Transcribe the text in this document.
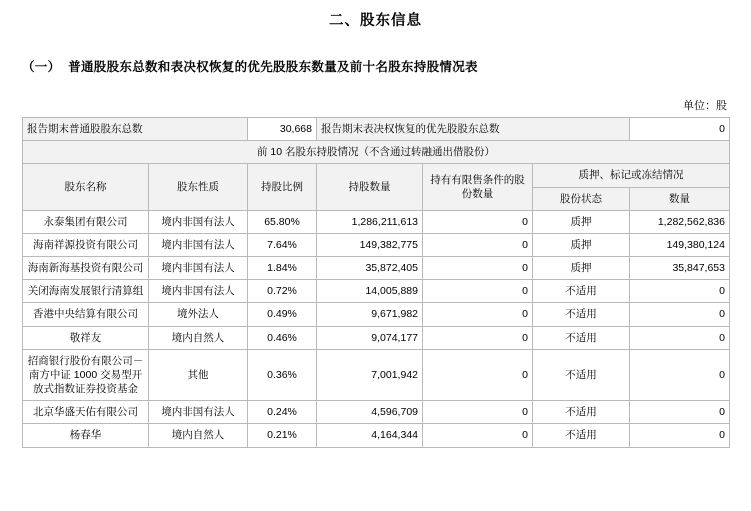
二、股东信息
（一） 普通股股东总数和表决权恢复的优先股股东数量及前十名股东持股情况表
单位：股
报告期末普通股股东总数		30,668	报告期末表决权恢复的优先股股东总数			0
前 10 名股东持股情况（不含通过转融通出借股份）						
股东名称	股东性质	持股比例	持股数量	持有有限售条件的股份数量	质押、标记或冻结情况	
					股份状态	数量
永泰集团有限公司	境内非国有法人	65.80%	1,286,211,613	0	质押	1,282,562,836
海南祥源投资有限公司	境内非国有法人	7.64%	149,382,775	0	质押	149,380,124
海南新海基投资有限公司	境内非国有法人	1.84%	35,872,405	0	质押	35,847,653
关闭海南发展银行清算组	境内非国有法人	0.72%	14,005,889	0	不适用	0
香港中央结算有限公司	境外法人	0.49%	9,671,982	0	不适用	0
敬祥友	境内自然人	0.46%	9,074,177	0	不适用	0
招商银行股份有限公司－南方中证 1000 交易型开放式指数证券投资基金	其他	0.36%	7,001,942	0	不适用	0
北京华盛天佑有限公司	境内非国有法人	0.24%	4,596,709	0	不适用	0
杨春华	境内自然人	0.21%	4,164,344	0	不适用	0
